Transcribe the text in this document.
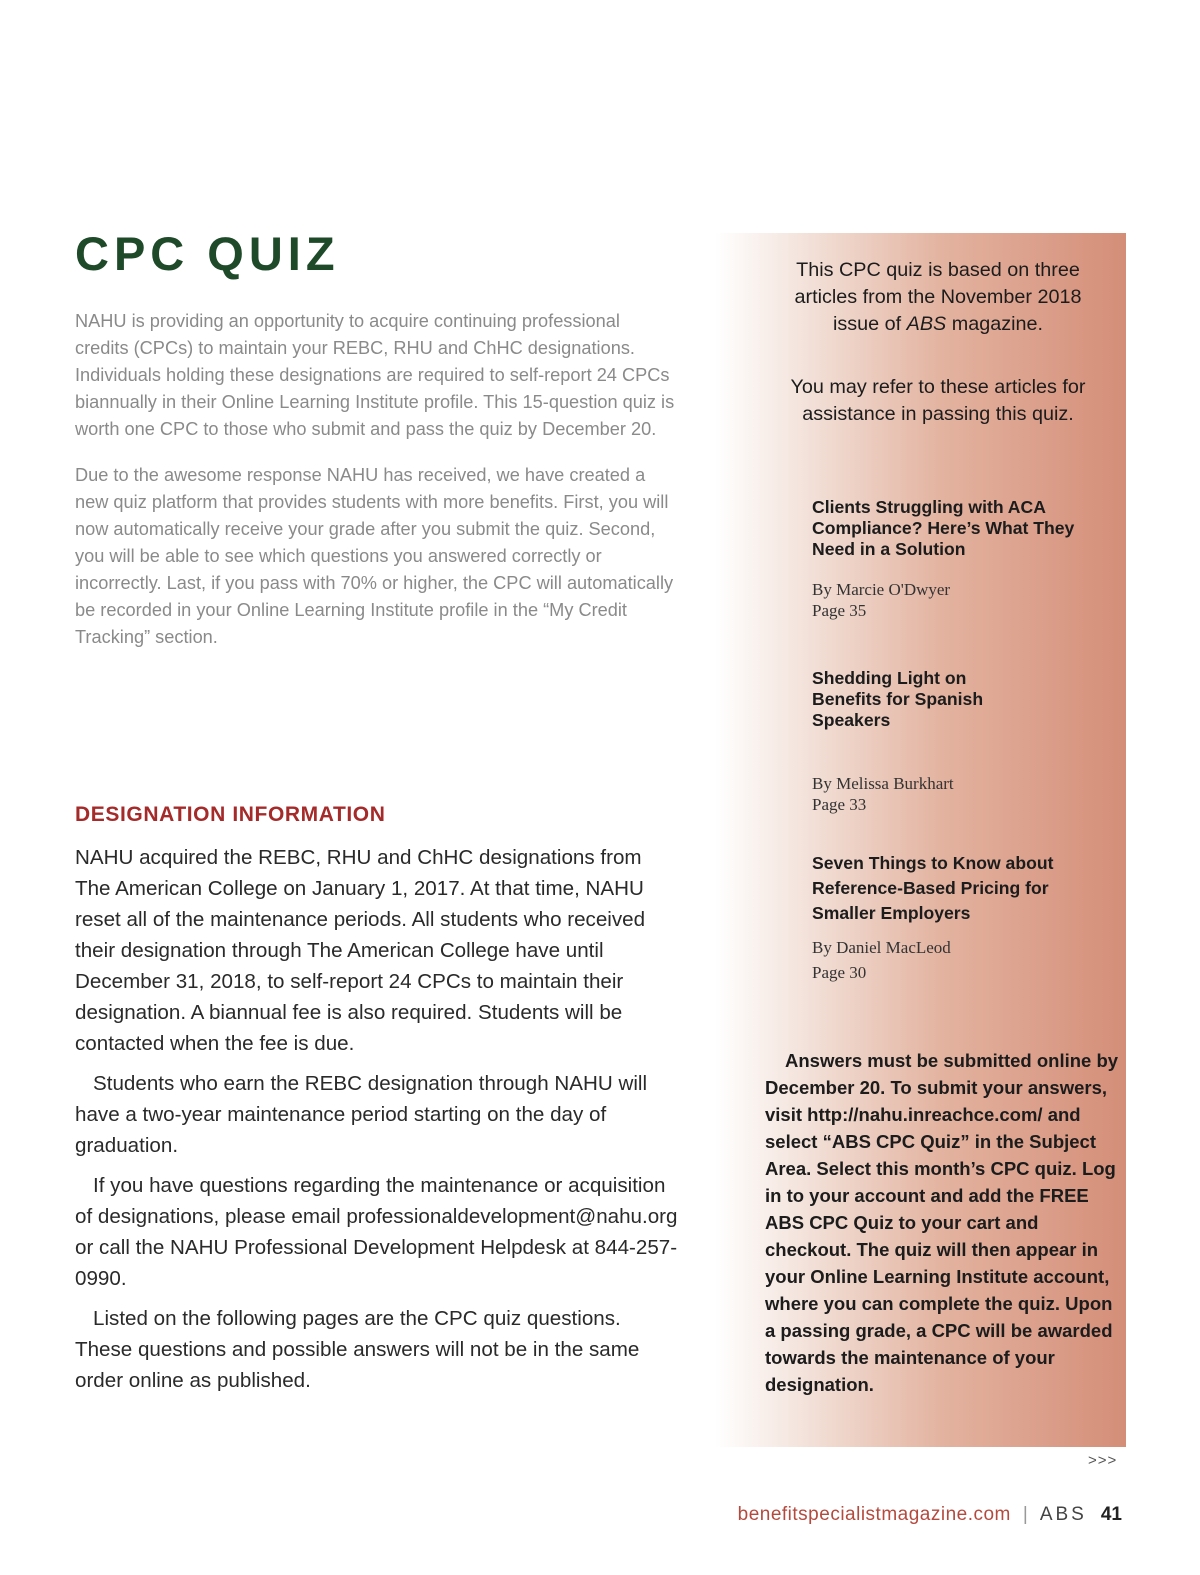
CPC QUIZ

NAHU is providing an opportunity to acquire continuing professional credits (CPCs) to maintain your REBC, RHU and ChHC designations. Individuals holding these designations are required to self-report 24 CPCs biannually in their Online Learning Institute profile. This 15-question quiz is worth one CPC to those who submit and pass the quiz by December 20.

Due to the awesome response NAHU has received, we have created a new quiz platform that provides students with more benefits. First, you will now automatically receive your grade after you submit the quiz. Second, you will be able to see which questions you answered correctly or incorrectly. Last, if you pass with 70% or higher, the CPC will automatically be recorded in your Online Learning Institute profile in the “My Credit Tracking” section.

DESIGNATION INFORMATION

NAHU acquired the REBC, RHU and ChHC designations from The American College on January 1, 2017. At that time, NAHU reset all of the maintenance periods. All students who received their designation through The American College have until December 31, 2018, to self-report 24 CPCs to maintain their designation. A biannual fee is also required. Students will be contacted when the fee is due.

Students who earn the REBC designation through NAHU will have a two-year maintenance period starting on the day of graduation.

If you have questions regarding the maintenance or acquisition of designations, please email professionaldevelopment@nahu.org or call the NAHU Professional Development Helpdesk at 844-257-0990.

Listed on the following pages are the CPC quiz questions. These questions and possible answers will not be in the same order online as published.

This CPC quiz is based on three articles from the November 2018 issue of ABS magazine.

You may refer to these articles for assistance in passing this quiz.

Clients Struggling with ACA Compliance? Here’s What They Need in a Solution

By Marcie O'Dwyer

Page 35

Shedding Light on Benefits for Spanish Speakers

By Melissa Burkhart

Page 33

Seven Things to Know about Reference-Based Pricing for Smaller Employers

By Daniel MacLeod

Page 30

Answers must be submitted online by December 20. To submit your answers, visit http://nahu.inreachce.com/ and select “ABS CPC Quiz” in the Subject Area. Select this month’s CPC quiz. Log in to your account and add the FREE ABS CPC Quiz to your cart and checkout. The quiz will then appear in your Online Learning Institute account, where you can complete the quiz. Upon a passing grade, a CPC will be awarded towards the maintenance of your designation.

>>>
benefitspecialistmagazine.com | ABS 41
